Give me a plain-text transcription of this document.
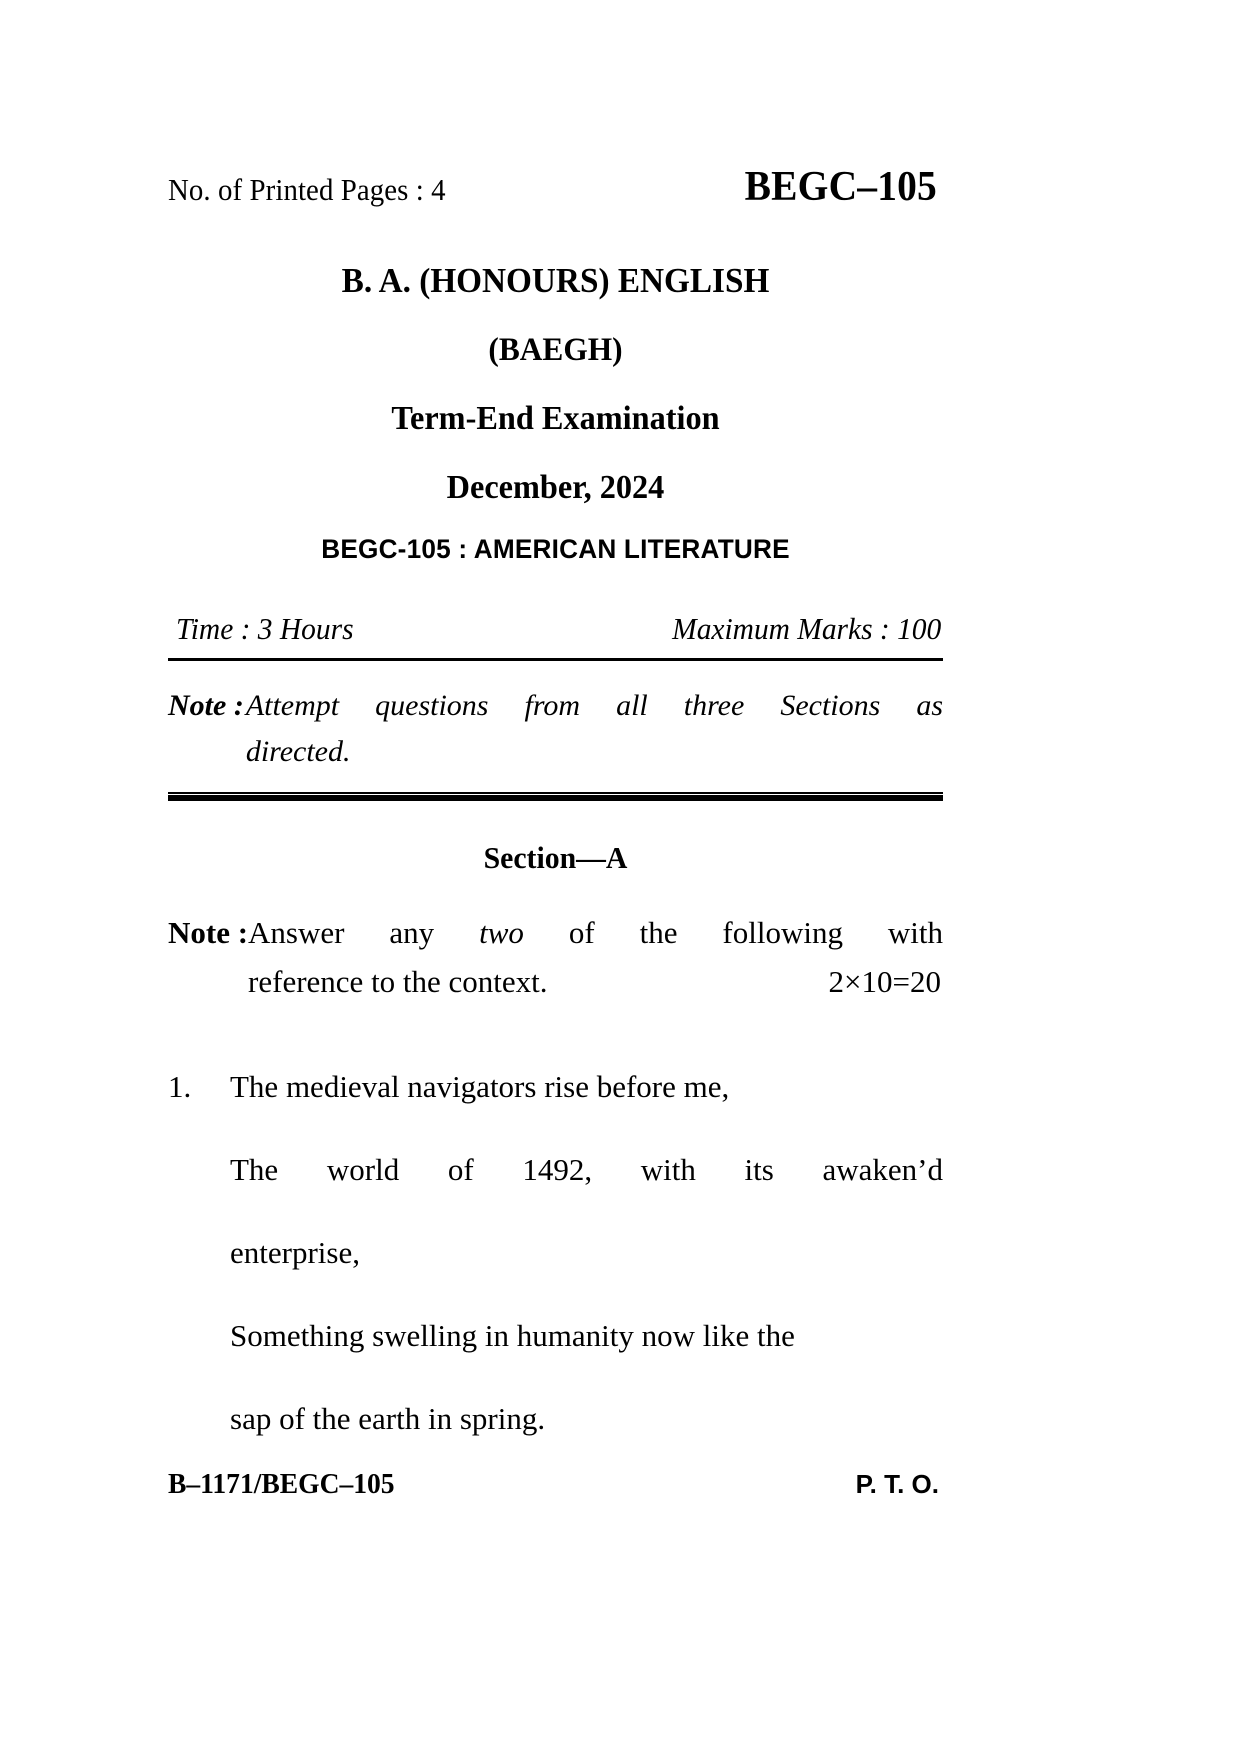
No. of Printed Pages : 4	BEGC–105
B. A. (HONOURS) ENGLISH
(BAEGH)
Term-End Examination
December, 2024
BEGC-105 : AMERICAN LITERATURE
Time : 3 Hours	Maximum Marks : 100
Note : Attempt questions from all three Sections as
directed.
Section—A
Note : Answer any two of the following with
reference to the context.	2×10=20
1.	The medieval navigators rise before me,
The world of 1492, with its awaken’d
enterprise,
Something swelling in humanity now like the
sap of the earth in spring.
B–1171/BEGC–105	P. T. O.
